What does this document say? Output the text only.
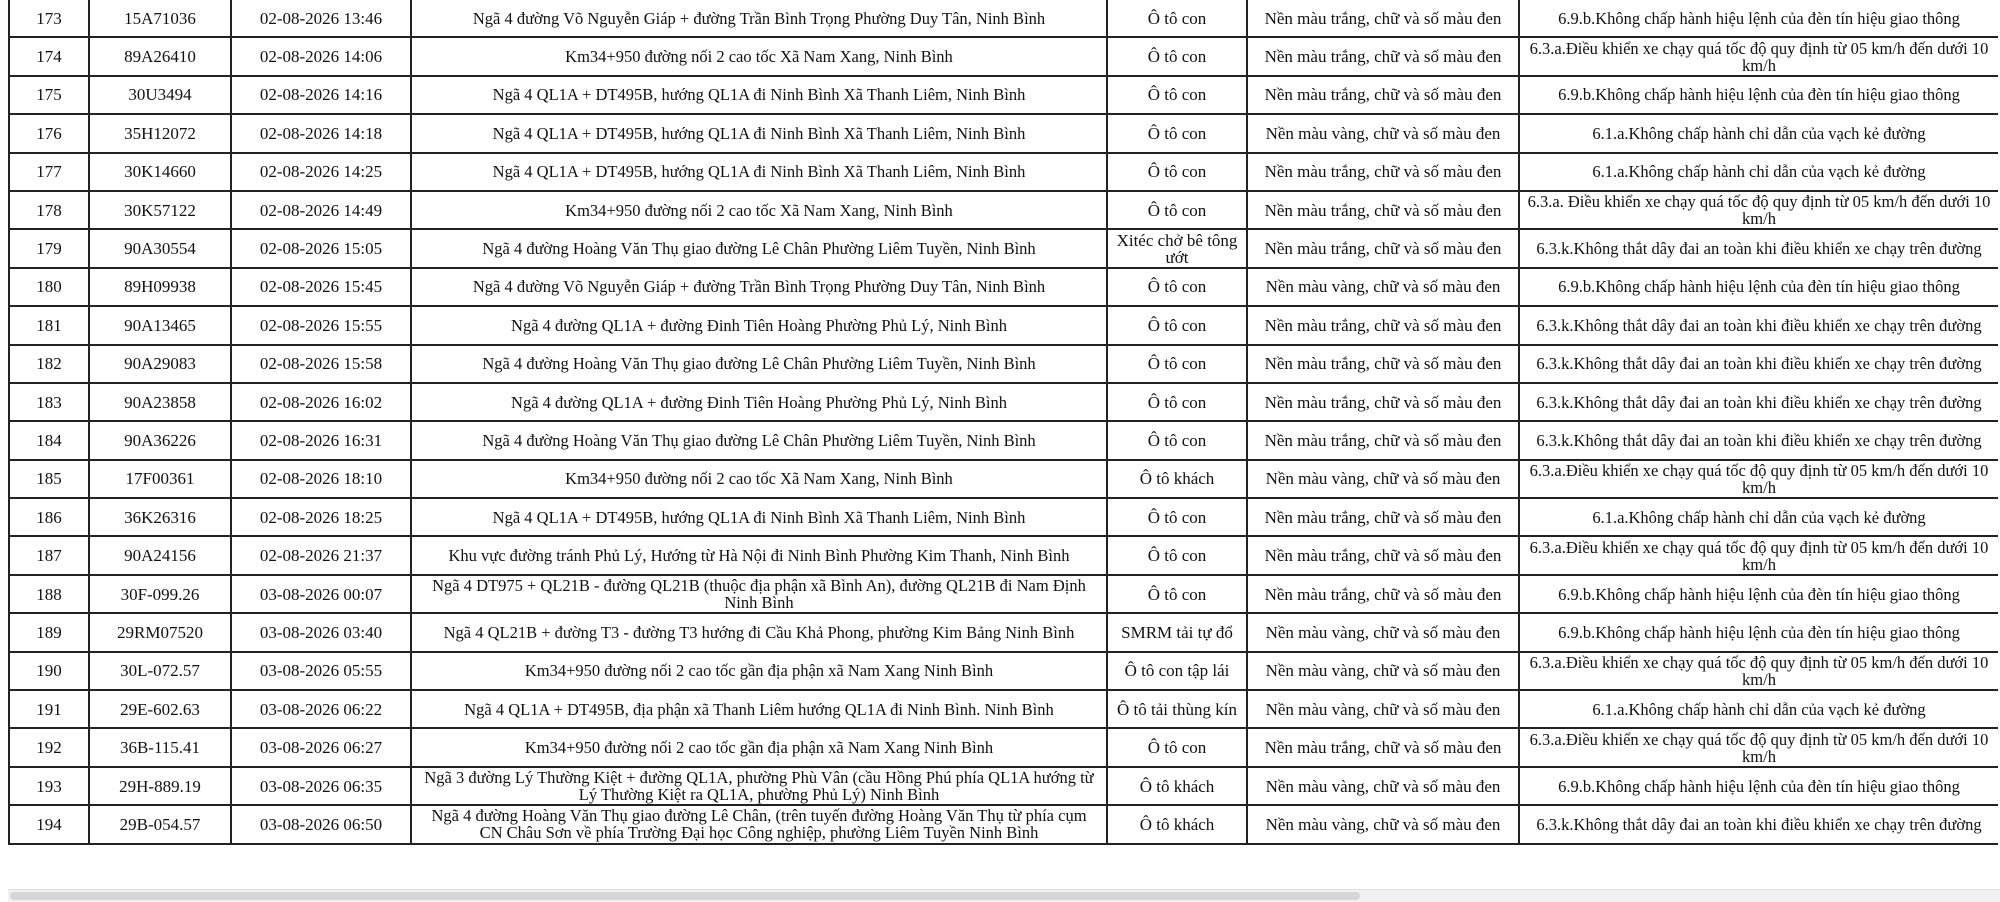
173	15A71036	02-08-2026 13:46	Ngã 4 đường Võ Nguyễn Giáp + đường Trần Bình Trọng Phường Duy Tân, Ninh Bình	Ô tô con	Nền màu trắng, chữ và số màu đen	6.9.b.Không chấp hành hiệu lệnh của đèn tín hiệu giao thông
174	89A26410	02-08-2026 14:06	Km34+950 đường nối 2 cao tốc Xã Nam Xang, Ninh Bình	Ô tô con	Nền màu trắng, chữ và số màu đen	6.3.a.Điều khiển xe chạy quá tốc độ quy định từ 05 km/h đến dưới 10 km/h
175	30U3494	02-08-2026 14:16	Ngã 4 QL1A + DT495B, hướng QL1A đi Ninh Bình Xã Thanh Liêm, Ninh Bình	Ô tô con	Nền màu trắng, chữ và số màu đen	6.9.b.Không chấp hành hiệu lệnh của đèn tín hiệu giao thông
176	35H12072	02-08-2026 14:18	Ngã 4 QL1A + DT495B, hướng QL1A đi Ninh Bình Xã Thanh Liêm, Ninh Bình	Ô tô con	Nền màu vàng, chữ và số màu đen	6.1.a.Không chấp hành chỉ dẫn của vạch kẻ đường
177	30K14660	02-08-2026 14:25	Ngã 4 QL1A + DT495B, hướng QL1A đi Ninh Bình Xã Thanh Liêm, Ninh Bình	Ô tô con	Nền màu trắng, chữ và số màu đen	6.1.a.Không chấp hành chỉ dẫn của vạch kẻ đường
178	30K57122	02-08-2026 14:49	Km34+950 đường nối 2 cao tốc Xã Nam Xang, Ninh Bình	Ô tô con	Nền màu trắng, chữ và số màu đen	6.3.a. Điều khiển xe chạy quá tốc độ quy định từ 05 km/h đến dưới 10 km/h
179	90A30554	02-08-2026 15:05	Ngã 4 đường Hoàng Văn Thụ giao đường Lê Chân Phường Liêm Tuyền, Ninh Bình	Xitéc chở bê tông ướt	Nền màu trắng, chữ và số màu đen	6.3.k.Không thắt dây đai an toàn khi điều khiển xe chạy trên đường
180	89H09938	02-08-2026 15:45	Ngã 4 đường Võ Nguyễn Giáp + đường Trần Bình Trọng Phường Duy Tân, Ninh Bình	Ô tô con	Nền màu vàng, chữ và số màu đen	6.9.b.Không chấp hành hiệu lệnh của đèn tín hiệu giao thông
181	90A13465	02-08-2026 15:55	Ngã 4 đường QL1A + đường Đinh Tiên Hoàng Phường Phủ Lý, Ninh Bình	Ô tô con	Nền màu trắng, chữ và số màu đen	6.3.k.Không thắt dây đai an toàn khi điều khiển xe chạy trên đường
182	90A29083	02-08-2026 15:58	Ngã 4 đường Hoàng Văn Thụ giao đường Lê Chân Phường Liêm Tuyền, Ninh Bình	Ô tô con	Nền màu trắng, chữ và số màu đen	6.3.k.Không thắt dây đai an toàn khi điều khiển xe chạy trên đường
183	90A23858	02-08-2026 16:02	Ngã 4 đường QL1A + đường Đinh Tiên Hoàng Phường Phủ Lý, Ninh Bình	Ô tô con	Nền màu trắng, chữ và số màu đen	6.3.k.Không thắt dây đai an toàn khi điều khiển xe chạy trên đường
184	90A36226	02-08-2026 16:31	Ngã 4 đường Hoàng Văn Thụ giao đường Lê Chân Phường Liêm Tuyền, Ninh Bình	Ô tô con	Nền màu trắng, chữ và số màu đen	6.3.k.Không thắt dây đai an toàn khi điều khiển xe chạy trên đường
185	17F00361	02-08-2026 18:10	Km34+950 đường nối 2 cao tốc Xã Nam Xang, Ninh Bình	Ô tô khách	Nền màu vàng, chữ và số màu đen	6.3.a.Điều khiển xe chạy quá tốc độ quy định từ 05 km/h đến dưới 10 km/h
186	36K26316	02-08-2026 18:25	Ngã 4 QL1A + DT495B, hướng QL1A đi Ninh Bình Xã Thanh Liêm, Ninh Bình	Ô tô con	Nền màu trắng, chữ và số màu đen	6.1.a.Không chấp hành chỉ dẫn của vạch kẻ đường
187	90A24156	02-08-2026 21:37	Khu vực đường tránh Phủ Lý, Hướng từ Hà Nội đi Ninh Bình Phường Kim Thanh, Ninh Bình	Ô tô con	Nền màu trắng, chữ và số màu đen	6.3.a.Điều khiển xe chạy quá tốc độ quy định từ 05 km/h đến dưới 10 km/h
188	30F-099.26	03-08-2026 00:07	Ngã 4 DT975 + QL21B - đường QL21B (thuộc địa phận xã Bình An), đường QL21B đi Nam Định Ninh Bình	Ô tô con	Nền màu trắng, chữ và số màu đen	6.9.b.Không chấp hành hiệu lệnh của đèn tín hiệu giao thông
189	29RM07520	03-08-2026 03:40	Ngã 4 QL21B + đường T3 - đường T3 hướng đi Cầu Khả Phong, phường Kim Bảng Ninh Bình	SMRM tải tự đổ	Nền màu vàng, chữ và số màu đen	6.9.b.Không chấp hành hiệu lệnh của đèn tín hiệu giao thông
190	30L-072.57	03-08-2026 05:55	Km34+950 đường nối 2 cao tốc gần địa phận xã Nam Xang Ninh Bình	Ô tô con tập lái	Nền màu vàng, chữ và số màu đen	6.3.a.Điều khiển xe chạy quá tốc độ quy định từ 05 km/h đến dưới 10 km/h
191	29E-602.63	03-08-2026 06:22	Ngã 4 QL1A + DT495B, địa phận xã Thanh Liêm hướng QL1A đi Ninh Bình. Ninh Bình	Ô tô tải thùng kín	Nền màu vàng, chữ và số màu đen	6.1.a.Không chấp hành chỉ dẫn của vạch kẻ đường
192	36B-115.41	03-08-2026 06:27	Km34+950 đường nối 2 cao tốc gần địa phận xã Nam Xang Ninh Bình	Ô tô con	Nền màu trắng, chữ và số màu đen	6.3.a.Điều khiển xe chạy quá tốc độ quy định từ 05 km/h đến dưới 10 km/h
193	29H-889.19	03-08-2026 06:35	Ngã 3 đường Lý Thường Kiệt + đường QL1A, phường Phù Vân (cầu Hồng Phú phía QL1A hướng từ Lý Thường Kiệt ra QL1A, phường Phủ Lý) Ninh Bình	Ô tô khách	Nền màu vàng, chữ và số màu đen	6.9.b.Không chấp hành hiệu lệnh của đèn tín hiệu giao thông
194	29B-054.57	03-08-2026 06:50	Ngã 4 đường Hoàng Văn Thụ giao đường Lê Chân, (trên tuyến đường Hoàng Văn Thụ từ phía cụm CN Châu Sơn về phía Trường Đại học Công nghiệp, phường Liêm Tuyền Ninh Bình	Ô tô khách	Nền màu vàng, chữ và số màu đen	6.3.k.Không thắt dây đai an toàn khi điều khiển xe chạy trên đường
